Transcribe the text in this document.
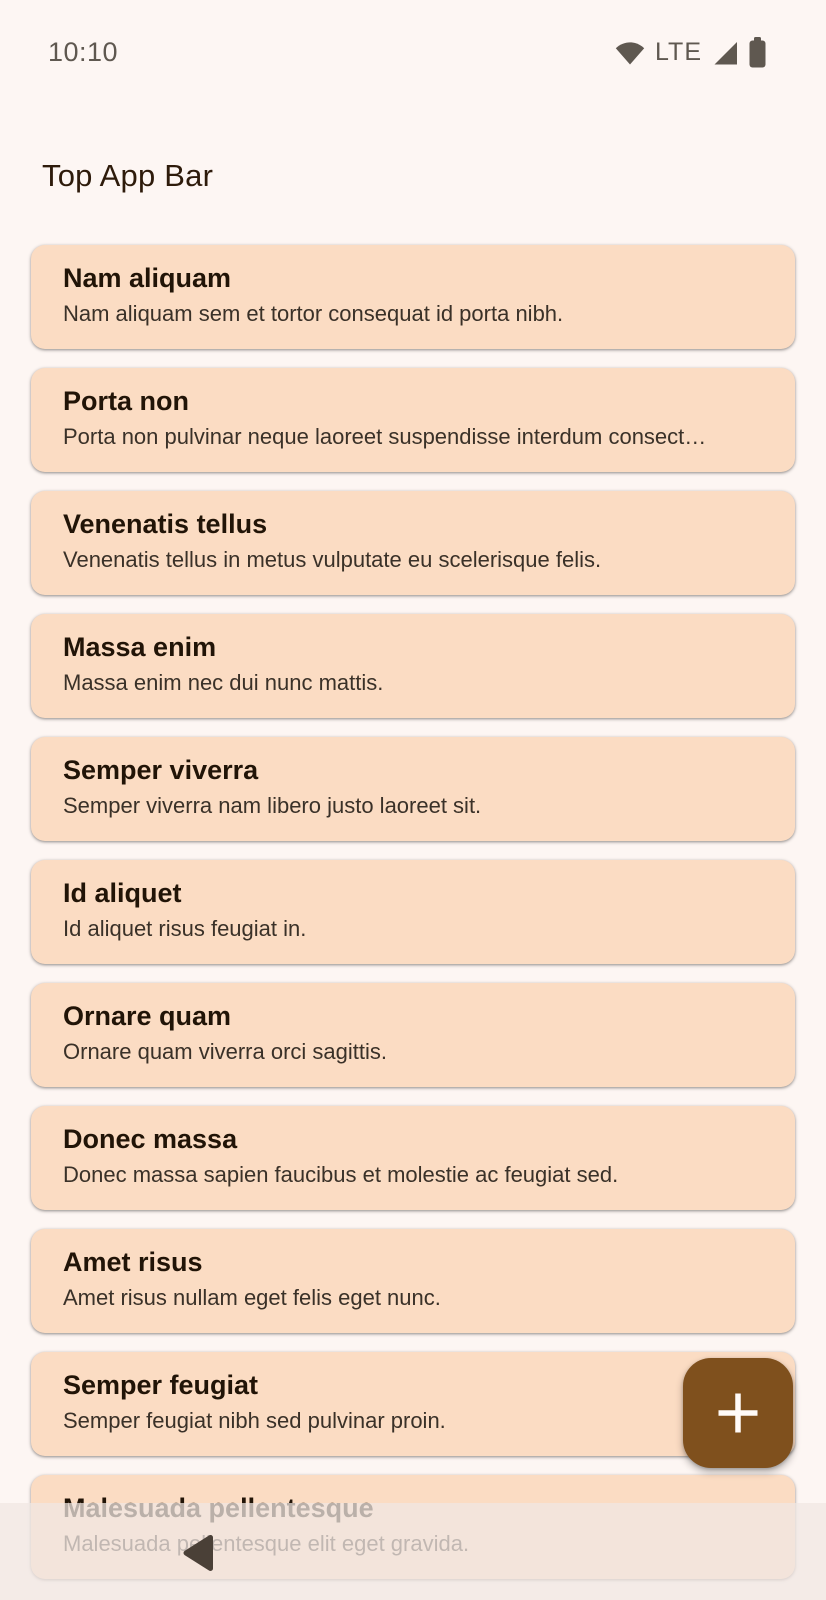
10:10	LTE
Top App Bar
Nam aliquam
Nam aliquam sem et tortor consequat id porta nibh.
Porta non
Porta non pulvinar neque laoreet suspendisse interdum consect…
Venenatis tellus
Venenatis tellus in metus vulputate eu scelerisque felis.
Massa enim
Massa enim nec dui nunc mattis.
Semper viverra
Semper viverra nam libero justo laoreet sit.
Id aliquet
Id aliquet risus feugiat in.
Ornare quam
Ornare quam viverra orci sagittis.
Donec massa
Donec massa sapien faucibus et molestie ac feugiat sed.
Amet risus
Amet risus nullam eget felis eget nunc.
Semper feugiat
Semper feugiat nibh sed pulvinar proin.
